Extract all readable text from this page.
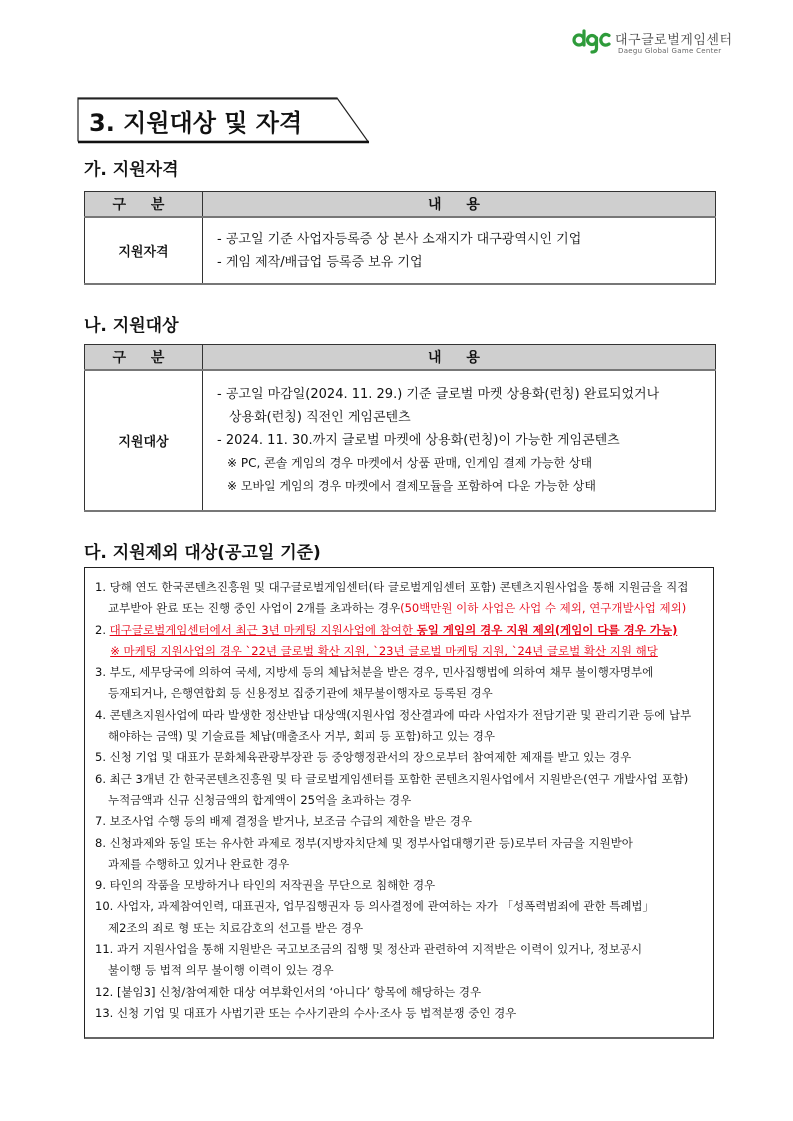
대구글로벌게임센터
Daegu Global Game Center
3. 지원대상 및 자격
가. 지원자격
구 분	내 용
지원자격	- 공고일 기준 사업자등록증 상 본사 소재지가 대구광역시인 기업
- 게임 제작/배급업 등록증 보유 기업
나. 지원대상
구 분	내 용
지원대상	- 공고일 마감일(2024. 11. 29.) 기준 글로벌 마켓 상용화(런칭) 완료되었거나
상용화(런칭) 직전인 게임콘텐츠
- 2024. 11. 30.까지 글로벌 마켓에 상용화(런칭)이 가능한 게임콘텐츠
※ PC, 콘솔 게임의 경우 마켓에서 상품 판매, 인게임 결제 가능한 상태
※ 모바일 게임의 경우 마켓에서 결제모듈을 포함하여 다운 가능한 상태
다. 지원제외 대상(공고일 기준)
1. 당해 연도 한국콘텐츠진흥원 및 대구글로벌게임센터(타 글로벌게임센터 포함) 콘텐츠지원사업을 통해 지원금을 직접
교부받아 완료 또는 진행 중인 사업이 2개를 초과하는 경우(50백만원 이하 사업은 사업 수 제외, 연구개발사업 제외)
2. 대구글로벌게임센터에서 최근 3년 마케팅 지원사업에 참여한 동일 게임의 경우 지원 제외(게임이 다를 경우 가능)
※ 마케팅 지원사업의 경우 `22년 글로벌 확산 지원, `23년 글로벌 마케팅 지원, `24년 글로벌 확산 지원 해당
3. 부도, 세무당국에 의하여 국세, 지방세 등의 체납처분을 받은 경우, 민사집행법에 의하여 채무 불이행자명부에
등재되거나, 은행연합회 등 신용정보 집중기관에 채무불이행자로 등록된 경우
4. 콘텐츠지원사업에 따라 발생한 정산반납 대상액(지원사업 정산결과에 따라 사업자가 전담기관 및 관리기관 등에 납부
해야하는 금액) 및 기술료를 체납(매출조사 거부, 회피 등 포함)하고 있는 경우
5. 신청 기업 및 대표가 문화체육관광부장관 등 중앙행정관서의 장으로부터 참여제한 제재를 받고 있는 경우
6. 최근 3개년 간 한국콘텐츠진흥원 및 타 글로벌게임센터를 포함한 콘텐츠지원사업에서 지원받은(연구 개발사업 포함)
누적금액과 신규 신청금액의 합계액이 25억을 초과하는 경우
7. 보조사업 수행 등의 배제 결정을 받거나, 보조금 수급의 제한을 받은 경우
8. 신청과제와 동일 또는 유사한 과제로 정부(지방자치단체 및 정부사업대행기관 등)로부터 자금을 지원받아
과제를 수행하고 있거나 완료한 경우
9. 타인의 작품을 모방하거나 타인의 저작권을 무단으로 침해한 경우
10. 사업자, 과제참여인력, 대표권자, 업무집행권자 등 의사결정에 관여하는 자가 「성폭력범죄에 관한 특례법」
제2조의 죄로 형 또는 치료감호의 선고를 받은 경우
11. 과거 지원사업을 통해 지원받은 국고보조금의 집행 및 정산과 관련하여 지적받은 이력이 있거나, 정보공시
불이행 등 법적 의무 불이행 이력이 있는 경우
12. [붙임3] 신청/참여제한 대상 여부확인서의 ‘아니다’ 항목에 해당하는 경우
13. 신청 기업 및 대표가 사법기관 또는 수사기관의 수사·조사 등 법적분쟁 중인 경우
